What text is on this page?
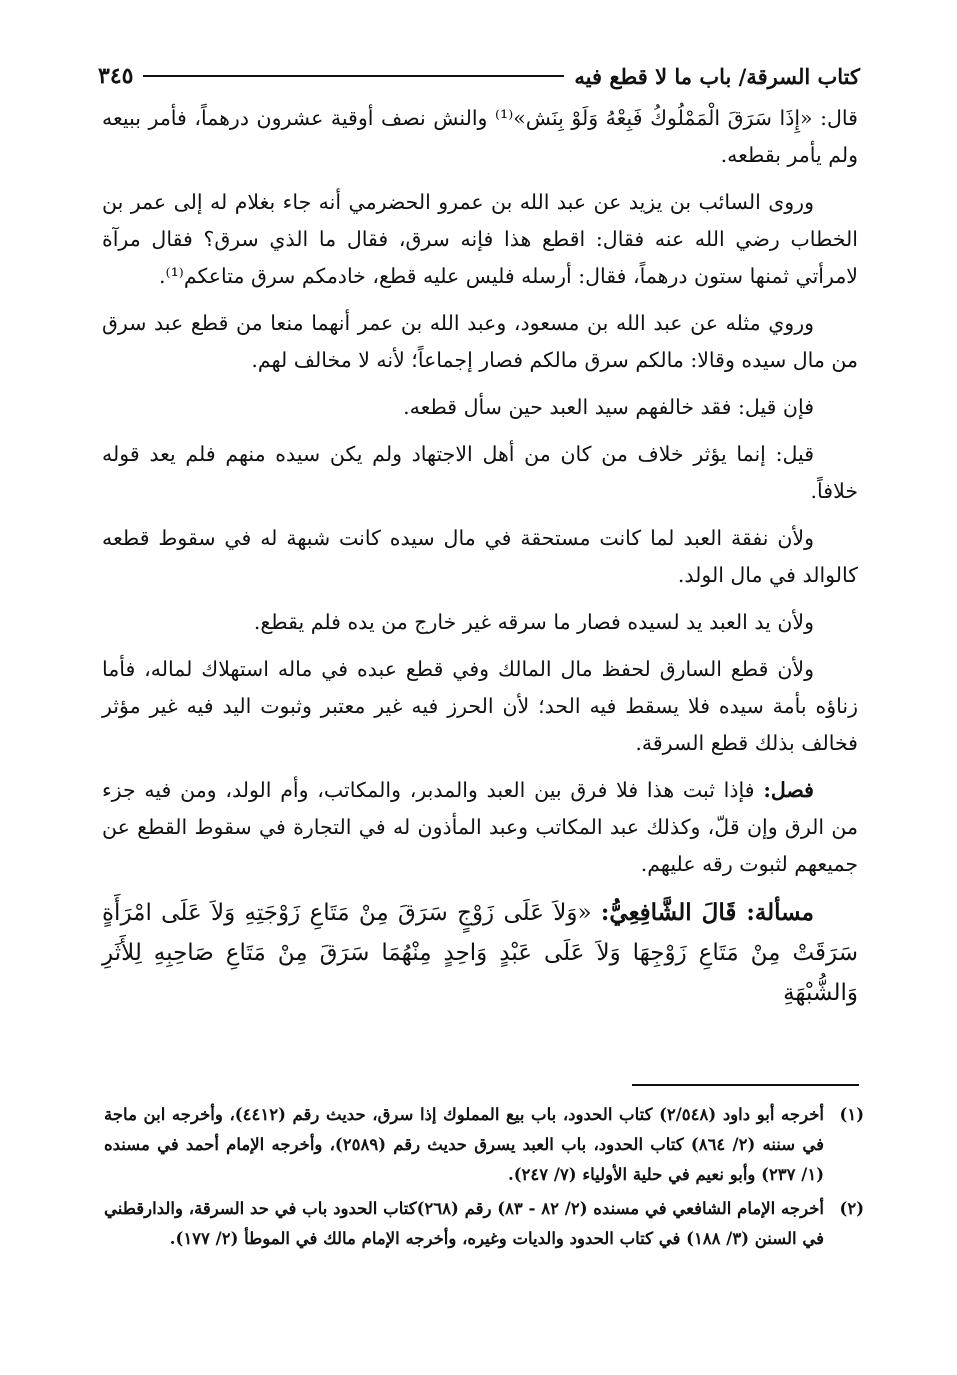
كتاب السرقة/ باب ما لا قطع فيه
٣٤٥

قال: «إِذَا سَرَقَ الْمَمْلُوكُ فَبِعْهُ وَلَوْ بِنَش»⁽¹⁾ والنش نصف أوقية عشرون درهماً، فأمر ببيعه ولم يأمر بقطعه.

وروى السائب بن يزيد عن عبد الله بن عمرو الحضرمي أنه جاء بغلام له إلى عمر بن الخطاب رضي الله عنه فقال: اقطع هذا فإنه سرق، فقال ما الذي سرق؟ فقال مرآة لامرأتي ثمنها ستون درهماً، فقال: أرسله فليس عليه قطع، خادمكم سرق متاعكم⁽¹⁾.

وروي مثله عن عبد الله بن مسعود، وعبد الله بن عمر أنهما منعا من قطع عبد سرق من مال سيده وقالا: مالكم سرق مالكم فصار إجماعاً؛ لأنه لا مخالف لهم.

فإن قيل: فقد خالفهم سيد العبد حين سأل قطعه.

قيل: إنما يؤثر خلاف من كان من أهل الاجتهاد ولم يكن سيده منهم فلم يعد قوله خلافاً.

ولأن نفقة العبد لما كانت مستحقة في مال سيده كانت شبهة له في سقوط قطعه كالوالد في مال الولد.

ولأن يد العبد يد لسيده فصار ما سرقه غير خارج من يده فلم يقطع.

ولأن قطع السارق لحفظ مال المالك وفي قطع عبده في ماله استهلاك لماله، فأما زناؤه بأمة سيده فلا يسقط فيه الحد؛ لأن الحرز فيه غير معتبر وثبوت اليد فيه غير مؤثر فخالف بذلك قطع السرقة.

فصل: فإذا ثبت هذا فلا فرق بين العبد والمدبر، والمكاتب، وأم الولد، ومن فيه جزء من الرق وإن قلّ، وكذلك عبد المكاتب وعبد المأذون له في التجارة في سقوط القطع عن جميعهم لثبوت رقه عليهم.

مسألة: قَالَ الشَّافِعِيُّ: «وَلاَ عَلَى زَوْجٍ سَرَقَ مِنْ مَتَاعِ زَوْجَتِهِ وَلاَ عَلَى امْرَأَةٍ سَرَقَتْ مِنْ مَتَاعِ زَوْجِهَا وَلاَ عَلَى عَبْدٍ وَاحِدٍ مِنْهُمَا سَرَقَ مِنْ مَتَاعِ صَاحِبِهِ لِلأَثَرِ وَالشُّبْهَةِ

(١)
أخرجه أبو داود (٢/٥٤٨) كتاب الحدود، باب بيع المملوك إذا سرق، حديث رقم (٤٤١٢)، وأخرجه ابن ماجة في سننه (٢/ ٨٦٤) كتاب الحدود، باب العبد يسرق حديث رقم (٢٥٨٩)، وأخرجه الإمام أحمد في مسنده (١/ ٢٣٧) وأبو نعيم في حلية الأولياء (٧/ ٢٤٧).
(٢)
أخرجه الإمام الشافعي في مسنده (٢/ ٨٢ - ٨٣) رقم (٢٦٨)كتاب الحدود باب في حد السرقة، والدارقطني في السنن (٣/ ١٨٨) في كتاب الحدود والديات وغيره، وأخرجه الإمام مالك في الموطأ (٢/ ١٧٧).
